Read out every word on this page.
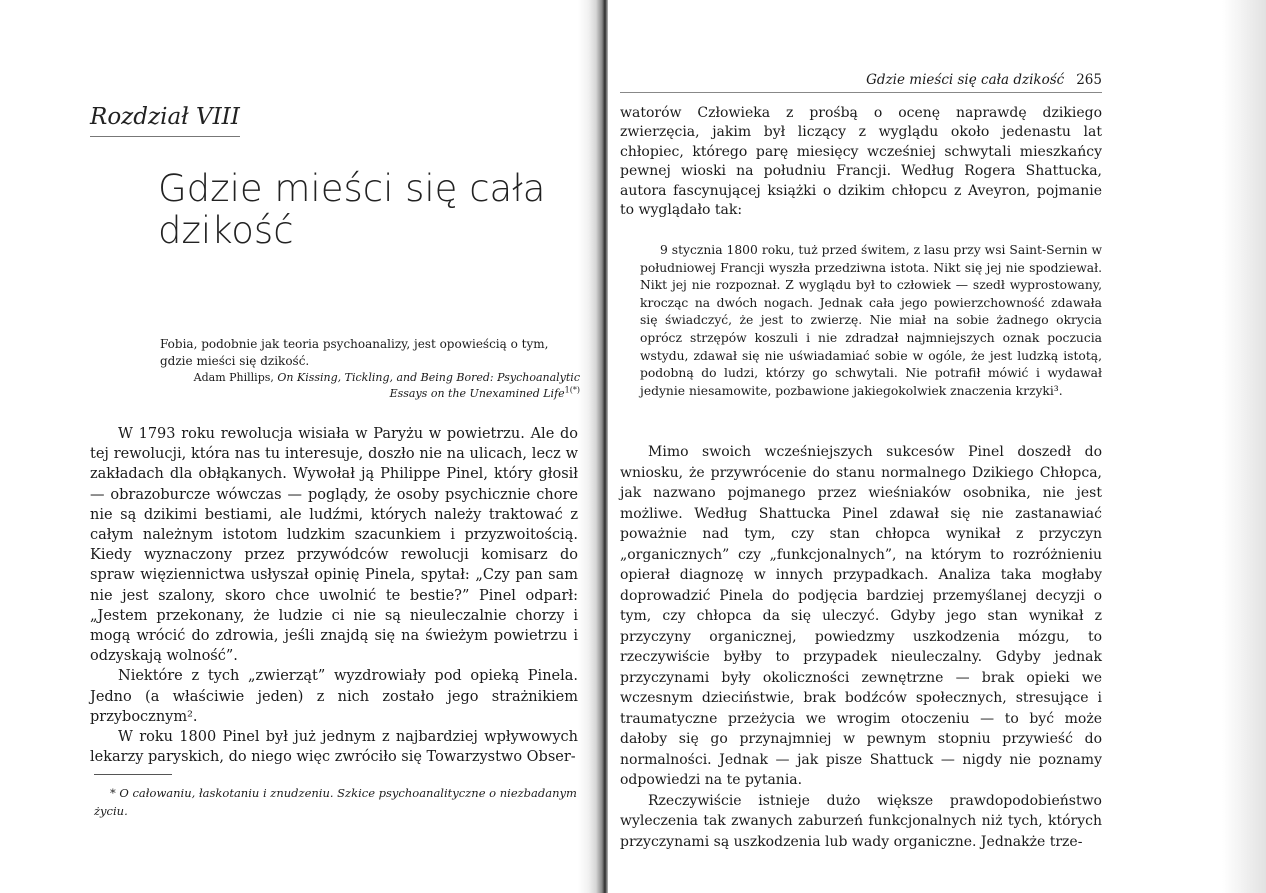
Rozdział VIII
Gdzie mieści się cała dzikość
Fobia, podobnie jak teoria psychoanalizy, jest opowieścią o tym, gdzie mieści się dzikość.
Adam Phillips, On Kissing, Tickling, and Being Bored: Psychoanalytic Essays on the Unexamined Life$^{1(*)}$

W 1793 roku rewolucja wisiała w Paryżu w powietrzu. Ale do tej rewolucji, która nas tu interesuje, doszło nie na ulicach, lecz w zakładach dla obłąkanych. Wywołał ją Philippe Pinel, który głosił — obrazoburcze wówczas — poglądy, że osoby psychicznie chore nie są dzikimi bestiami, ale ludźmi, których należy traktować z całym należnym istotom ludzkim szacunkiem i przyzwoitością. Kiedy wyznaczony przez przywódców rewolucji komisarz do spraw więziennictwa usłyszał opinię Pinela, spytał: „Czy pan sam nie jest szalony, skoro chce uwolnić te bestie?” Pinel odparł: „Jestem przekonany, że ludzie ci nie są nieuleczalnie chorzy i mogą wrócić do zdrowia, jeśli znajdą się na świeżym powietrzu i odzyskają wolność”.

Niektóre z tych „zwierząt” wyzdrowiały pod opieką Pinela. Jedno (a właściwie jeden) z nich zostało jego strażnikiem przybocznym².

W roku 1800 Pinel był już jednym z najbardziej wpływowych lekarzy paryskich, do niego więc zwróciło się Towarzystwo Obser-

* O całowaniu, łaskotaniu i znudzeniu. Szkice psychoanalityczne o niezbadanym życiu.
Gdzie mieści się cała dzikość 265

watorów Człowieka z prośbą o ocenę naprawdę dzikiego zwierzęcia, jakim był liczący z wyglądu około jedenastu lat chłopiec, którego parę miesięcy wcześniej schwytali mieszkańcy pewnej wioski na południu Francji. Według Rogera Shattucka, autora fascynującej książki o dzikim chłopcu z Aveyron, pojmanie to wyglądało tak:

9 stycznia 1800 roku, tuż przed świtem, z lasu przy wsi Saint-Sernin w południowej Francji wyszła przedziwna istota. Nikt się jej nie spodziewał. Nikt jej nie rozpoznał. Z wyglądu był to człowiek — szedł wyprostowany, krocząc na dwóch nogach. Jednak cała jego powierzchowność zdawała się świadczyć, że jest to zwierzę. Nie miał na sobie żadnego okrycia oprócz strzępów koszuli i nie zdradzał najmniejszych oznak poczucia wstydu, zdawał się nie uświadamiać sobie w ogóle, że jest ludzką istotą, podobną do ludzi, którzy go schwytali. Nie potrafił mówić i wydawał jedynie niesamowite, pozbawione jakiegokolwiek znaczenia krzyki³.

Mimo swoich wcześniejszych sukcesów Pinel doszedł do wniosku, że przywrócenie do stanu normalnego Dzikiego Chłopca, jak nazwano pojmanego przez wieśniaków osobnika, nie jest możliwe. Według Shattucka Pinel zdawał się nie zastanawiać poważnie nad tym, czy stan chłopca wynikał z przyczyn „organicznych” czy „funkcjonalnych”, na którym to rozróżnieniu opierał diagnozę w innych przypadkach. Analiza taka mogłaby doprowadzić Pinela do podjęcia bardziej przemyślanej decyzji o tym, czy chłopca da się uleczyć. Gdyby jego stan wynikał z przyczyny organicznej, powiedzmy uszkodzenia mózgu, to rzeczywiście byłby to przypadek nieuleczalny. Gdyby jednak przyczynami były okoliczności zewnętrzne — brak opieki we wczesnym dzieciństwie, brak bodźców społecznych, stresujące i traumatyczne przeżycia we wrogim otoczeniu — to być może dałoby się go przynajmniej w pewnym stopniu przywieść do normalności. Jednak — jak pisze Shattuck — nigdy nie poznamy odpowiedzi na te pytania.

Rzeczywiście istnieje dużo większe prawdopodobieństwo wyleczenia tak zwanych zaburzeń funkcjonalnych niż tych, których przyczynami są uszkodzenia lub wady organiczne. Jednakże trze-
